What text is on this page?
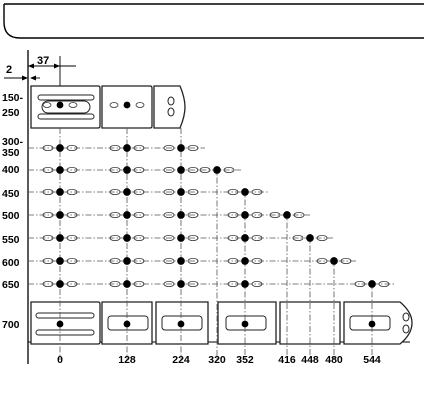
2
37
0	128	224 320 352 416 448 480 544
150-
250
300-
350
400
450
500
550
600
650
700
